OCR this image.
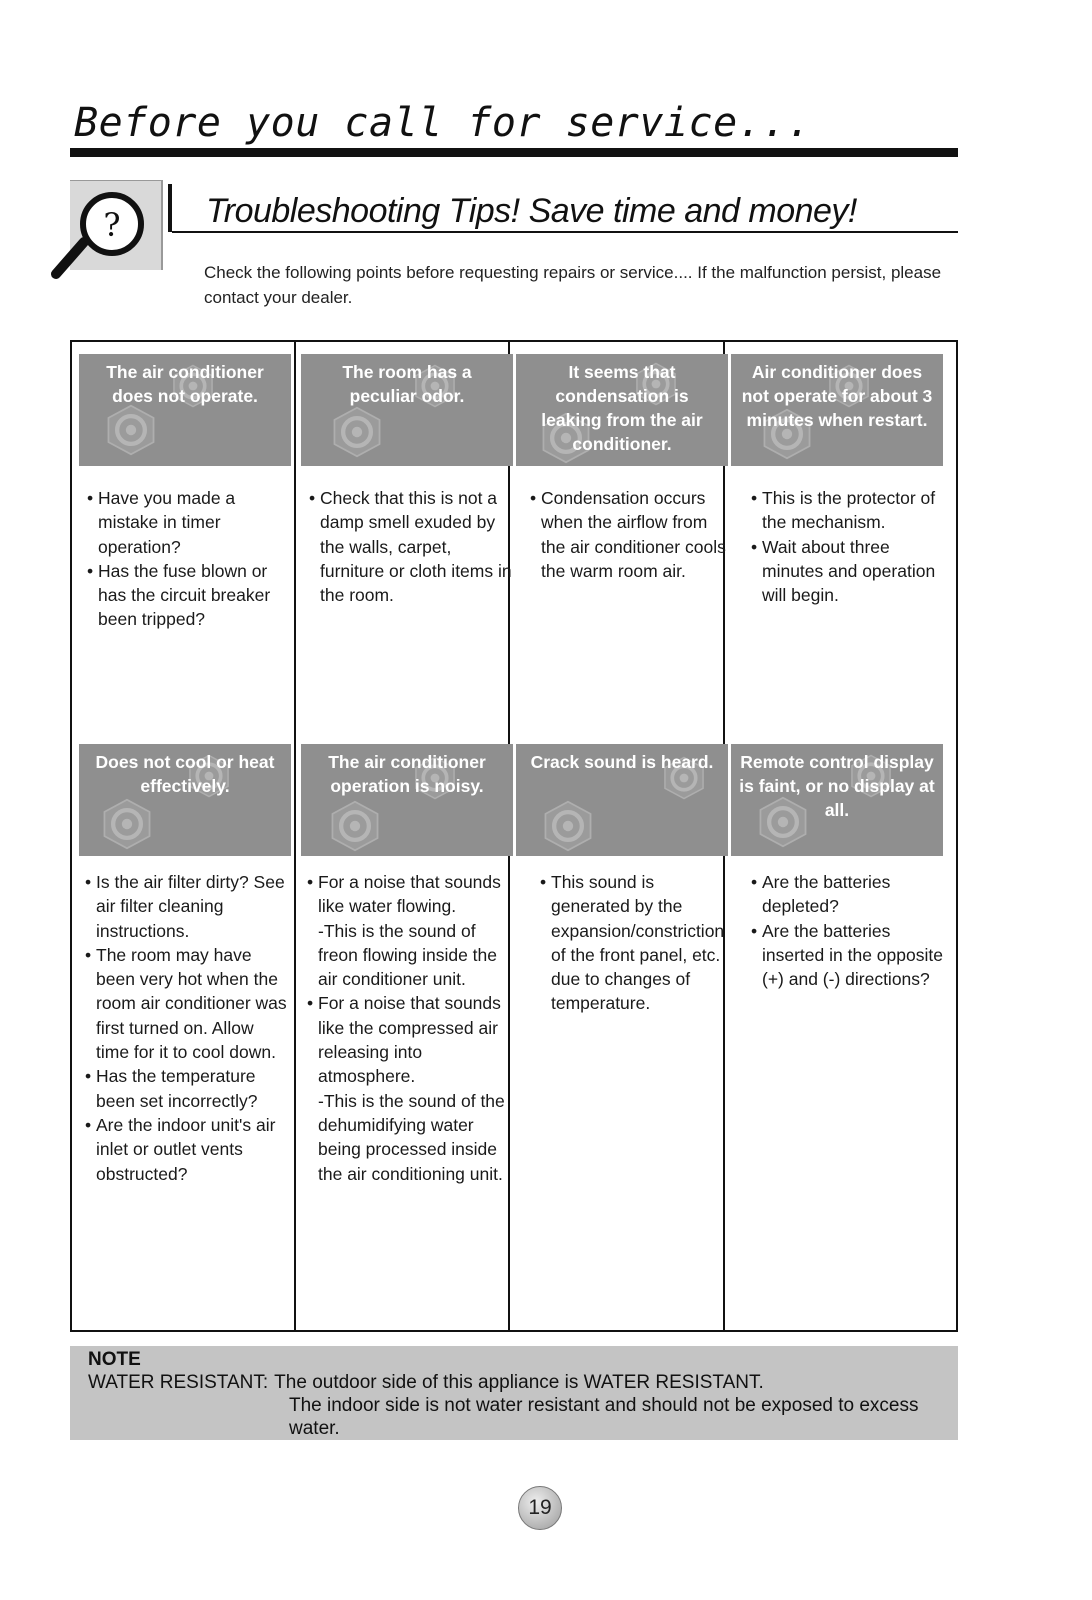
Before you call for service...
?	Troubleshooting Tips! Save time and money!
Check the following points before requesting repairs or service.... If the malfunction persist, please contact your dealer.
The air conditioner does not operate.
• Have you made a mistake in timer operation?
• Has the fuse blown or has the circuit breaker been tripped?
The room has a peculiar odor.
• Check that this is not a damp smell exuded by the walls, carpet, furniture or cloth items in the room.
It seems that condensation is leaking from the air conditioner.
• Condensation occurs when the airflow from the air conditioner cools the warm room air.
Air conditioner does not operate for about 3 minutes when restart.
• This is the protector of the mechanism.
• Wait about three minutes and operation will begin.
Does not cool or heat effectively.
• Is the air filter dirty? See air filter cleaning instructions.
• The room may have been very hot when the room air conditioner was first turned on. Allow time for it to cool down.
• Has the temperature been set incorrectly?
• Are the indoor unit's air inlet or outlet vents obstructed?
The air conditioner operation is noisy.
• For a noise that sounds like water flowing.
-This is the sound of freon flowing inside the air conditioner unit.
• For a noise that sounds like the compressed air releasing into atmosphere.
-This is the sound of the dehumidifying water being processed inside the air conditioning unit.
Crack sound is heard.
• This sound is generated by the expansion/constriction of the front panel, etc. due to changes of temperature.
Remote control display is faint, or no display at all.
• Are the batteries depleted?
• Are the batteries inserted in the opposite (+) and (-) directions?
NOTE
WATER RESISTANT: The outdoor side of this appliance is WATER RESISTANT.
The indoor side is not water resistant and should not be exposed to excess water.
19
